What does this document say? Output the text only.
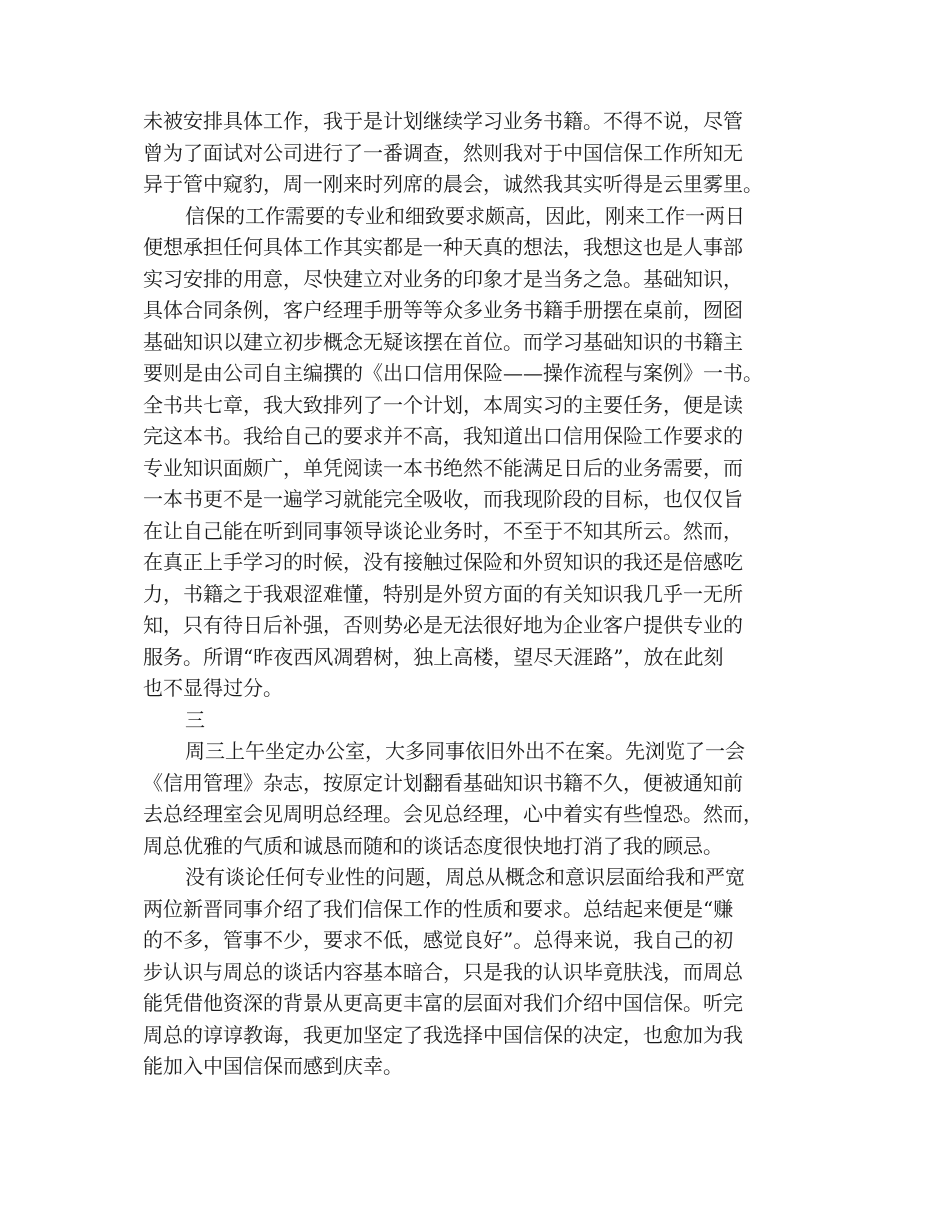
未被安排具体工作，我于是计划继续学习业务书籍。不得不说，尽管
曾为了面试对公司进行了一番调查，然则我对于中国信保工作所知无
异于管中窥豹，周一刚来时列席的晨会，诚然我其实听得是云里雾里。
信保的工作需要的专业和细致要求颇高，因此，刚来工作一两日
便想承担任何具体工作其实都是一种天真的想法，我想这也是人事部
实习安排的用意，尽快建立对业务的印象才是当务之急。基础知识，
具体合同条例，客户经理手册等等众多业务书籍手册摆在桌前，囫囵
基础知识以建立初步概念无疑该摆在首位。而学习基础知识的书籍主
要则是由公司自主编撰的《出口信用保险——操作流程与案例》一书。
全书共七章，我大致排列了一个计划，本周实习的主要任务，便是读
完这本书。我给自己的要求并不高，我知道出口信用保险工作要求的
专业知识面颇广，单凭阅读一本书绝然不能满足日后的业务需要，而
一本书更不是一遍学习就能完全吸收，而我现阶段的目标，也仅仅旨
在让自己能在听到同事领导谈论业务时，不至于不知其所云。然而，
在真正上手学习的时候，没有接触过保险和外贸知识的我还是倍感吃
力，书籍之于我艰涩难懂，特别是外贸方面的有关知识我几乎一无所
知，只有待日后补强，否则势必是无法很好地为企业客户提供专业的
服务。所谓“昨夜西风凋碧树，独上高楼，望尽天涯路”，放在此刻
也不显得过分。
三
周三上午坐定办公室，大多同事依旧外出不在案。先浏览了一会
《信用管理》杂志，按原定计划翻看基础知识书籍不久，便被通知前
去总经理室会见周明总经理。会见总经理，心中着实有些惶恐。然而，
周总优雅的气质和诚恳而随和的谈话态度很快地打消了我的顾忌。
没有谈论任何专业性的问题，周总从概念和意识层面给我和严宽
两位新晋同事介绍了我们信保工作的性质和要求。总结起来便是“赚
的不多，管事不少，要求不低，感觉良好”。总得来说，我自己的初
步认识与周总的谈话内容基本暗合，只是我的认识毕竟肤浅，而周总
能凭借他资深的背景从更高更丰富的层面对我们介绍中国信保。听完
周总的谆谆教诲，我更加坚定了我选择中国信保的决定，也愈加为我
能加入中国信保而感到庆幸。
